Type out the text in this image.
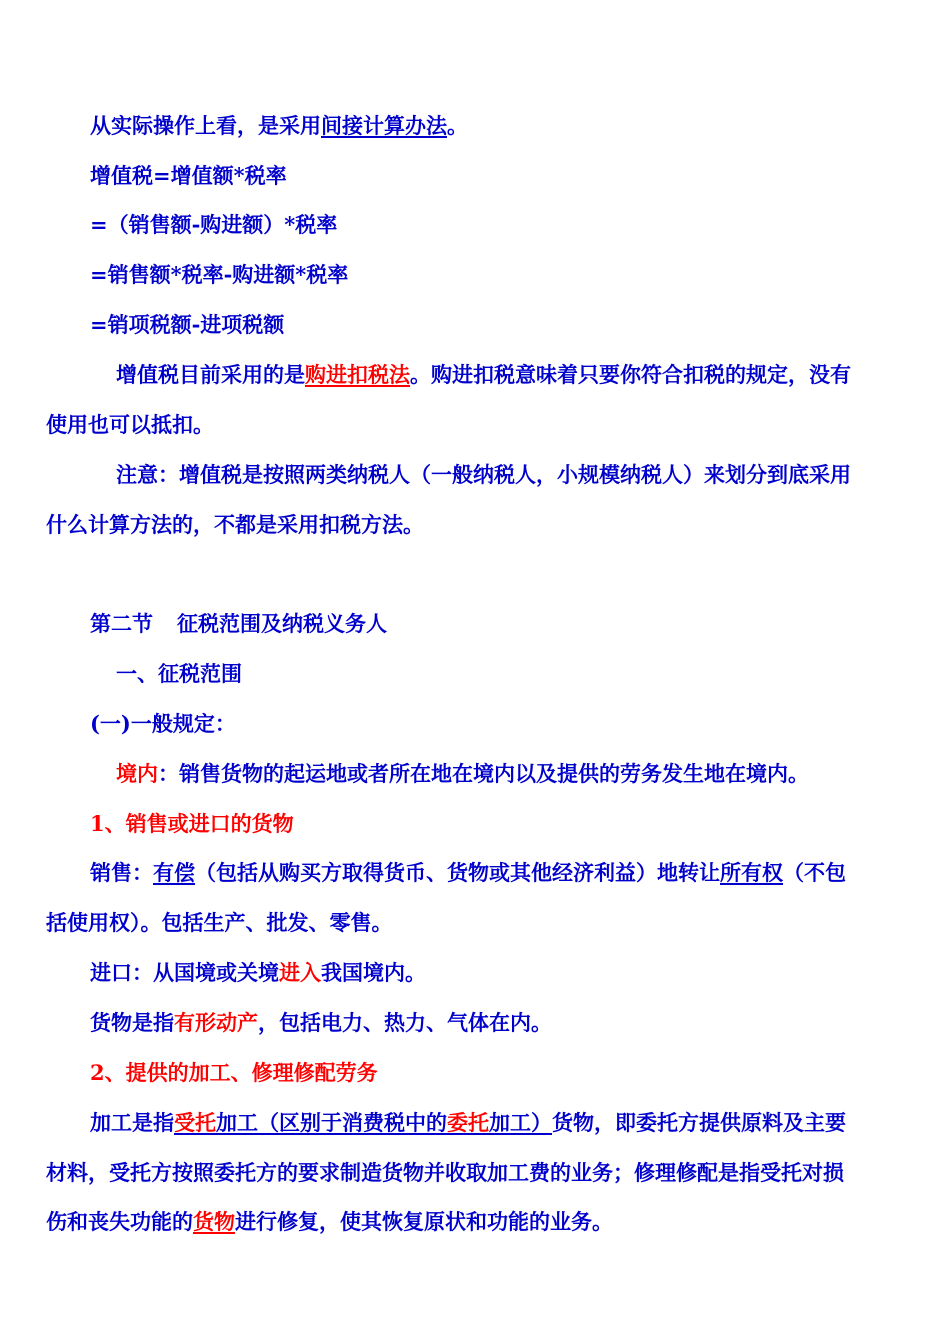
从实际操作上看，是采用间接计算办法。
增值税=增值额*税率
=（销售额-购进额）*税率
=销售额*税率-购进额*税率
=销项税额-进项税额
增值税目前采用的是购进扣税法。购进扣税意味着只要你符合扣税的规定，没有
使用也可以抵扣。
注意：增值税是按照两类纳税人（一般纳税人，小规模纳税人）来划分到底采用
什么计算方法的，不都是采用扣税方法。
第二节 征税范围及纳税义务人
一、征税范围
(一)一般规定：
境内：销售货物的起运地或者所在地在境内以及提供的劳务发生地在境内。
1、销售或进口的货物
销售：有偿（包括从购买方取得货币、货物或其他经济利益）地转让所有权（不包
括使用权）。包括生产、批发、零售。
进口：从国境或关境进入我国境内。
货物是指有形动产，包括电力、热力、气体在内。
2、提供的加工、修理修配劳务
加工是指受托加工（区别于消费税中的委托加工）货物，即委托方提供原料及主要
材料，受托方按照委托方的要求制造货物并收取加工费的业务；修理修配是指受托对损
伤和丧失功能的货物进行修复，使其恢复原状和功能的业务。
